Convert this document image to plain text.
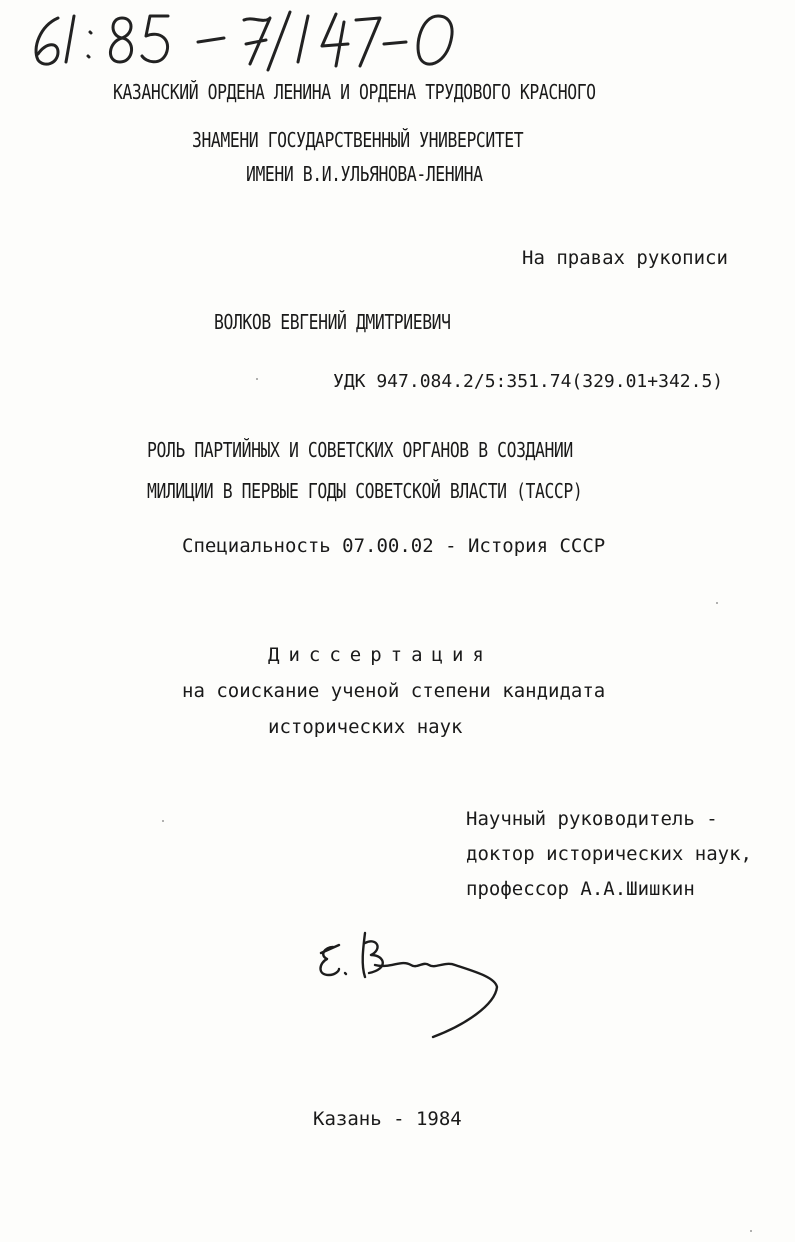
КАЗАНСКИЙ ОРДЕНА ЛЕНИНА И ОРДЕНА ТРУДОВОГО КРАСНОГО
ЗНАМЕНИ ГОСУДАРСТВЕННЫЙ УНИВЕРСИТЕТ
ИМЕНИ В.И.УЛЬЯНОВА-ЛЕНИНА
На правах рукописи
ВОЛКОВ ЕВГЕНИЙ ДМИТРИЕВИЧ
УДК 947.084.2/5:351.74(329.01+342.5)
РОЛЬ ПАРТИЙНЫХ И СОВЕТСКИХ ОРГАНОВ В СОЗДАНИИ
МИЛИЦИИ В ПЕРВЫЕ ГОДЫ СОВЕТСКОЙ ВЛАСТИ (ТАССР)
Специальность 07.00.02 - История СССР
Диссертация
на соискание ученой степени кандидата
исторических наук
Научный руководитель -
доктор исторических наук,
профессор А.А.Шишкин
Казань - 1984
